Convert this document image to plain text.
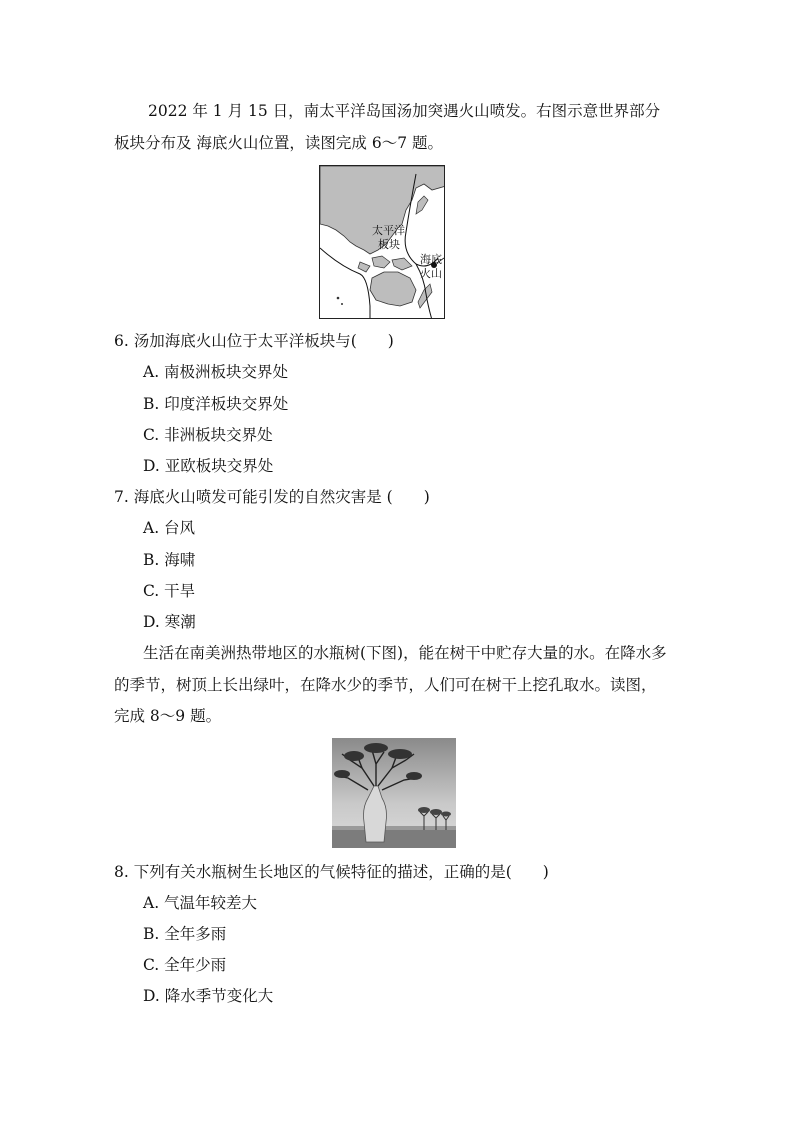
2022 年 1 月 15 日，南太平洋岛国汤加突遇火山喷发。右图示意世界部分
板块分布及 海底火山位置，读图完成 6～7 题。
太平洋
板块
海底
火山
6. 汤加海底火山位于太平洋板块与(　　)
A. 南极洲板块交界处
B. 印度洋板块交界处
C. 非洲板块交界处
D. 亚欧板块交界处
7. 海底火山喷发可能引发的自然灾害是 (　　)
A. 台风
B. 海啸
C. 干旱
D. 寒潮
生活在南美洲热带地区的水瓶树(下图)，能在树干中贮存大量的水。在降水多
的季节，树顶上长出绿叶，在降水少的季节，人们可在树干上挖孔取水。读图，
完成 8～9 题。
8. 下列有关水瓶树生长地区的气候特征的描述，正确的是(　　)
A. 气温年较差大
B. 全年多雨
C. 全年少雨
D. 降水季节变化大
